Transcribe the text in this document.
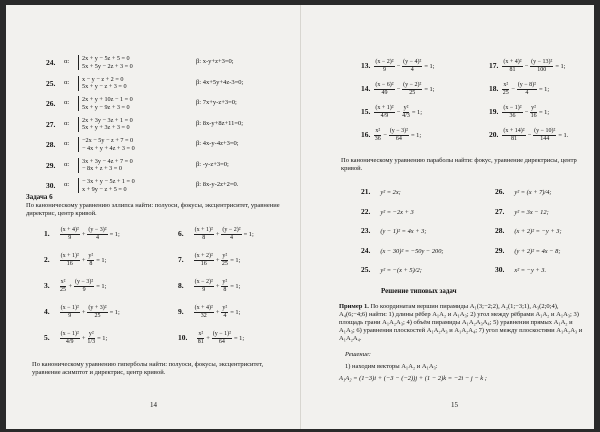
Задача 6
По каноническому уравнению эллипса найти: полуоси, фокусы, эксцентриситет, уравнение директрис, центр кривой.
По каноническому уравнению гиперболы найти: полуоси, фокусы, эксцентриситет, уравнение асимптот и директрис, центр кривой.
14
24. α: 2x + y − 5z + 5 = 0
5x + 5y − 2z + 3 = 0
β: x-y+z+3=0;
25. α: x − y − z + 2 = 0
5x + y − z + 3 = 0
β: 4x+5y+4z-3=0;
26. α: 2x + y + 10z − 1 = 0
5x + y − 9z + 3 = 0
β: 7x+y-z+3=0;
27. α: 2x + 3y − 3z + 1 = 0
5x + y + 3z + 3 = 0
β: 8x-y+8z+11=0;
28. α: −2x − 5y − z + 7 = 0
− 4x + y + 4z + 3 = 0
β: 4x-y-4z+3=0;
29. α: 3x + 3y − 4z + 7 = 0
− 8x + z + 3 = 0
β: -y-z+3=0;
30. α: − 3x + y − 5z + 1 = 0
x + 9y − z + 5 = 0
β: 8x-y-2z+2=0.
1. $\frac{\text{(x + 4)²}}{9} + \frac{\text{(y − 3)²}}{4} = 1$;	6. $\frac{\text{(x + 1)²}}{8} + \frac{\text{(y − 2)²}}{4} = 1$;
2. $\frac{\text{(x + 1)²}}{16} + \frac{\text{y²}}{8} = 1$;	7. $\frac{\text{(x + 2)²}}{16} + \frac{\text{y²}}{25} = 1$;
3. $\frac{\text{x²}}{25} + \frac{\text{(y − 3)²}}{9} = 1$;	8. $\frac{\text{(x − 2)²}}{9} + \frac{\text{y²}}{8} = 1$;
4. $\frac{\text{(x − 1)²}}{9} + \frac{\text{(y + 3)²}}{25} = 1$;	9. $\frac{\text{(x + 4)²}}{32} + \frac{\text{y²}}{4} = 1$;
5. $\frac{\text{(x − 1)²}}{4/9} + \frac{\text{y²}}{1/3} = 1$;	10. $\frac{\text{x²}}{81} + \frac{\text{(y − 1)²}}{64} = 1$;
По каноническому уравнению параболы найти: фокус, уравнение директрисы, центр кривой.
Решение типовых задач
Пример 1. По координатам вершин пирамиды A₁(3;−2;2), A₂(1;−3;1), A₃(2;0;4), A₄(6;−4;6) найти: 1) длины рёбер A₁A₂ и A₁A₃; 2) угол между рёбрами A₁A₂ и A₁A₃; 3) площадь грани A₁A₂A₃; 4) объём пирамиды A₁A₂A₃A₄; 5) уравнения прямых A₁A₂ и A₁A₃; 6) уравнения плоскостей A₁A₂A₃ и A₁A₂A₄; 7) угол между плоскостями A₁A₂A₃ и A₁A₂A₄.
Решение:
1) находим векторы A₁A₂ и A₁A₃:
A₁A₂ = (1−3)i + (−3 − (−2))j + (1 − 2)k = −2i − j − k ;
15
13. $\frac{\text{(x − 2)²}}{9} - \frac{\text{(y − 4)²}}{4} = 1$;	17. $\frac{\text{(x + 4)²}}{81} - \frac{\text{(y − 13)²}}{100} = 1$;
14. $\frac{\text{(x − 6)²}}{49} - \frac{\text{(y − 2)²}}{25} = 1$;	18. $\frac{\text{x²}}{25} - \frac{\text{(y − 8)²}}{4} = 1$;
15. $\frac{\text{(x + 1)²}}{4/9} - \frac{\text{y²}}{4/3} = 1$;	19. $\frac{\text{(x − 1)²}}{36} - \frac{\text{y²}}{16} = 1$;
16. $\frac{\text{x²}}{36} - \frac{\text{(y − 3)²}}{64} = 1$;	20. $\frac{\text{(x + 14)²}}{81} - \frac{\text{(y − 10)²}}{144} = 1$.
21. y² = 2x;	26. y² = (x + 7)/4;
22. y² = −2x + 3	27. y² = 3x − 12;
23. (y − 1)² = 4x + 3;	28. (x + 2)² = −y + 3;
24. (x − 30)² = −50y − 200;	29. (y + 2)² = 4x − 8;
25. y² = −(x + 5)/2;	30. x² = −y + 3.
